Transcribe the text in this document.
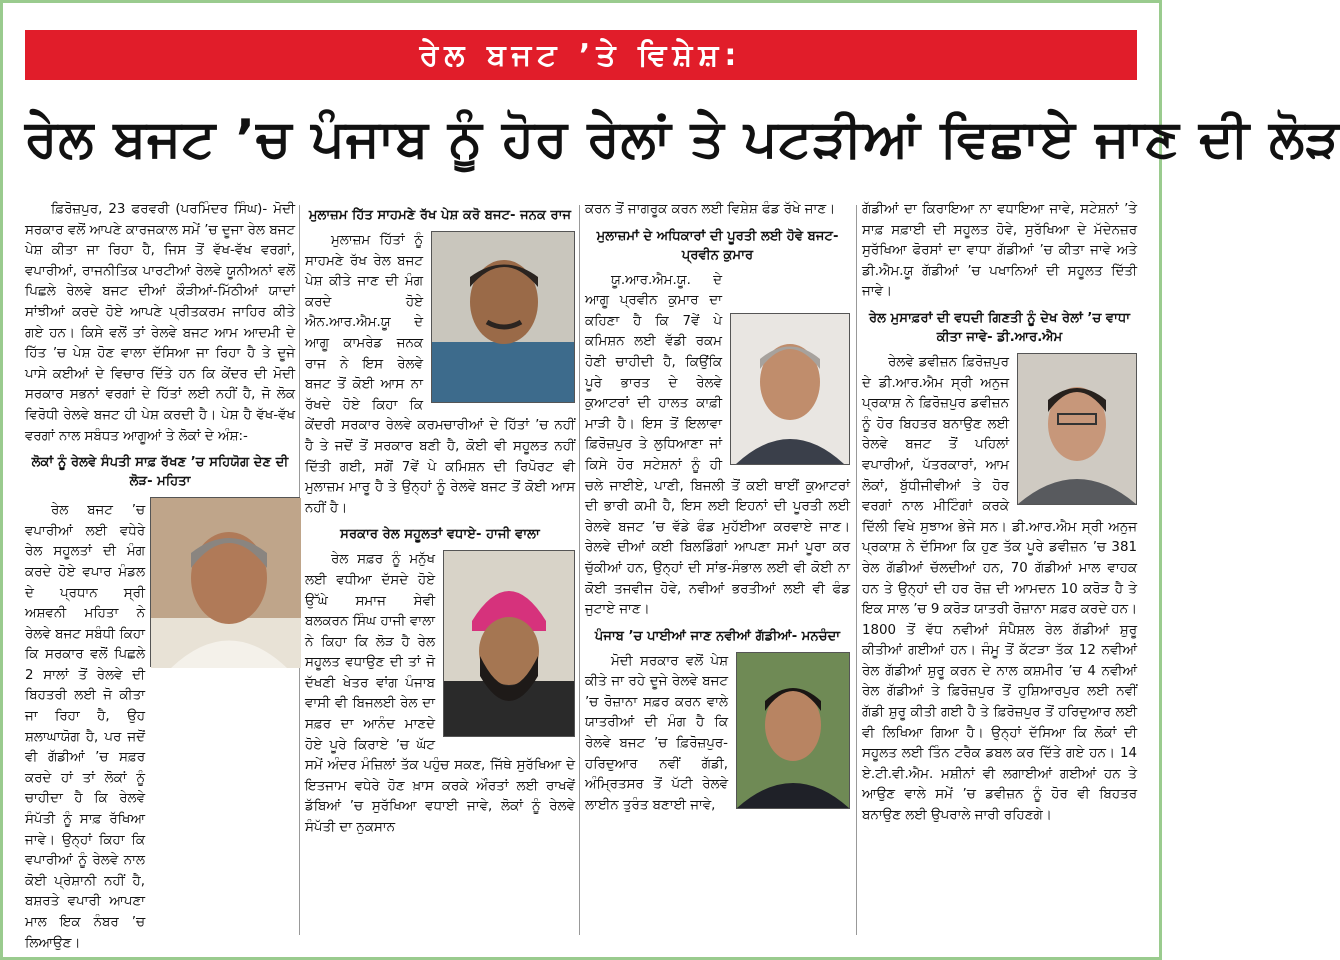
ਰੇਲ ਬਜਟ ’ਤੇ ਵਿਸ਼ੇਸ਼:
ਰੇਲ ਬਜਟ ’ਚ ਪੰਜਾਬ ਨੂੰ ਹੋਰ ਰੇਲਾਂ ਤੇ ਪਟੜੀਆਂ ਵਿਛਾਏ ਜਾਣ ਦੀ ਲੋੜ

ਫ਼ਿਰੋਜ਼ਪੁਰ, 23 ਫਰਵਰੀ (ਪਰਮਿੰਦਰ ਸਿੰਘ)- ਮੋਦੀ ਸਰਕਾਰ ਵਲੋਂ ਆਪਣੇ ਕਾਰਜਕਾਲ ਸਮੇਂ ’ਚ ਦੂਜਾ ਰੇਲ ਬਜਟ ਪੇਸ਼ ਕੀਤਾ ਜਾ ਰਿਹਾ ਹੈ, ਜਿਸ ਤੋਂ ਵੱਖ-ਵੱਖ ਵਰਗਾਂ, ਵਪਾਰੀਆਂ, ਰਾਜਨੀਤਿਕ ਪਾਰਟੀਆਂ ਰੇਲਵੇ ਯੂਨੀਅਨਾਂ ਵਲੋਂ ਪਿਛਲੇ ਰੇਲਵੇ ਬਜਟ ਦੀਆਂ ਕੌੜੀਆਂ-ਮਿੱਠੀਆਂ ਯਾਦਾਂ ਸਾਂਝੀਆਂ ਕਰਦੇ ਹੋਏ ਆਪਣੇ ਪ੍ਰੀਤਕਰਮ ਜਾਹਿਰ ਕੀਤੇ ਗਏ ਹਨ। ਕਿਸੇ ਵਲੋਂ ਤਾਂ ਰੇਲਵੇ ਬਜਟ ਆਮ ਆਦਮੀ ਦੇ ਹਿੱਤ ’ਚ ਪੇਸ਼ ਹੋਣ ਵਾਲਾ ਦੱਸਿਆ ਜਾ ਰਿਹਾ ਹੈ ਤੇ ਦੂਜੇ ਪਾਸੇ ਕਈਆਂ ਦੇ ਵਿਚਾਰ ਦਿੱਤੇ ਹਨ ਕਿ ਕੇਂਦਰ ਦੀ ਮੋਦੀ ਸਰਕਾਰ ਸਭਨਾਂ ਵਰਗਾਂ ਦੇ ਹਿੱਤਾਂ ਲਈ ਨਹੀਂ ਹੈ, ਜੋ ਲੋਕ ਵਿਰੋਧੀ ਰੇਲਵੇ ਬਜਟ ਹੀ ਪੇਸ਼ ਕਰਦੀ ਹੈ। ਪੇਸ਼ ਹੈ ਵੱਖ-ਵੱਖ ਵਰਗਾਂ ਨਾਲ ਸਬੰਧਤ ਆਗੂਆਂ ਤੇ ਲੋਕਾਂ ਦੇ ਅੰਸ਼:-

ਲੋਕਾਂ ਨੂੰ ਰੇਲਵੇ ਸੰਪਤੀ ਸਾਫ਼ ਰੱਖਣ ’ਚ ਸਹਿਯੋਗ ਦੇਣ ਦੀ ਲੋੜ- ਮਹਿਤਾ

ਰੇਲ ਬਜਟ ’ਚ ਵਪਾਰੀਆਂ ਲਈ ਵਧੇਰੇ ਰੇਲ ਸਹੂਲਤਾਂ ਦੀ ਮੰਗ ਕਰਦੇ ਹੋਏ ਵਪਾਰ ਮੰਡਲ ਦੇ ਪ੍ਰਧਾਨ ਸ੍ਰੀ ਅਸ਼ਵਨੀ ਮਹਿਤਾ ਨੇ ਰੇਲਵੇ ਬਜਟ ਸਬੰਧੀ ਕਿਹਾ ਕਿ ਸਰਕਾਰ ਵਲੋਂ ਪਿਛਲੇ 2 ਸਾਲਾਂ ਤੋਂ ਰੇਲਵੇ ਦੀ ਬਿਹਤਰੀ ਲਈ ਜੋ ਕੀਤਾ ਜਾ ਰਿਹਾ ਹੈ, ਉਹ ਸ਼ਲਾਘਾਯੋਗ ਹੈ, ਪਰ ਜਦੋਂ ਵੀ ਗੱਡੀਆਂ ’ਚ ਸਫ਼ਰ ਕਰਦੇ ਹਾਂ ਤਾਂ ਲੋਕਾਂ ਨੂੰ ਚਾਹੀਦਾ ਹੈ ਕਿ ਰੇਲਵੇ ਸੰਪੱਤੀ ਨੂੰ ਸਾਫ਼ ਰੱਖਿਆ ਜਾਵੇ। ਉਨ੍ਹਾਂ ਕਿਹਾ ਕਿ ਵਪਾਰੀਆਂ ਨੂੰ ਰੇਲਵੇ ਨਾਲ ਕੋਈ ਪ੍ਰੇਸ਼ਾਨੀ ਨਹੀਂ ਹੈ, ਬਸ਼ਰਤੇ ਵਪਾਰੀ ਆਪਣਾ ਮਾਲ ਇਕ ਨੰਬਰ ’ਚ ਲਿਆਉਣ।

ਮੁਲਾਜ਼ਮ ਹਿੱਤ ਸਾਹਮਣੇ ਰੱਖ ਪੇਸ਼ ਕਰੋ ਬਜਟ- ਜਨਕ ਰਾਜ

ਮੁਲਾਜ਼ਮ ਹਿੱਤਾਂ ਨੂੰ ਸਾਹਮਣੇ ਰੱਖ ਰੇਲ ਬਜਟ ਪੇਸ਼ ਕੀਤੇ ਜਾਣ ਦੀ ਮੰਗ ਕਰਦੇ ਹੋਏ ਐਨ.ਆਰ.ਐਮ.ਯੂ ਦੇ ਆਗੂ ਕਾਮਰੇਡ ਜਨਕ ਰਾਜ ਨੇ ਇਸ ਰੇਲਵੇ ਬਜਟ ਤੋਂ ਕੋਈ ਆਸ ਨਾ ਰੱਖਦੇ ਹੋਏ ਕਿਹਾ ਕਿ ਕੇਂਦਰੀ ਸਰਕਾਰ ਰੇਲਵੇ ਕਰਮਚਾਰੀਆਂ ਦੇ ਹਿੱਤਾਂ ’ਚ ਨਹੀਂ ਹੈ ਤੇ ਜਦੋਂ ਤੋਂ ਸਰਕਾਰ ਬਣੀ ਹੈ, ਕੋਈ ਵੀ ਸਹੂਲਤ ਨਹੀਂ ਦਿੱਤੀ ਗਈ, ਸਗੋਂ 7ਵੇਂ ਪੇ ਕਮਿਸ਼ਨ ਦੀ ਰਿਪੋਰਟ ਵੀ ਮੁਲਾਜ਼ਮ ਮਾਰੂ ਹੈ ਤੇ ਉਨ੍ਹਾਂ ਨੂੰ ਰੇਲਵੇ ਬਜਟ ਤੋਂ ਕੋਈ ਆਸ ਨਹੀਂ ਹੈ।

ਸਰਕਾਰ ਰੇਲ ਸਹੂਲਤਾਂ ਵਧਾਏ- ਹਾਜੀ ਵਾਲਾ

ਰੇਲ ਸਫ਼ਰ ਨੂੰ ਮਨੁੱਖ ਲਈ ਵਧੀਆ ਦੱਸਦੇ ਹੋਏ ਉੱਘੇ ਸਮਾਜ ਸੇਵੀ ਬਲਕਰਨ ਸਿੰਘ ਹਾਜੀ ਵਾਲਾ ਨੇ ਕਿਹਾ ਕਿ ਲੋੜ ਹੈ ਰੇਲ ਸਹੂਲਤ ਵਧਾਉਣ ਦੀ ਤਾਂ ਜੋ ਦੱਖਣੀ ਖੇਤਰ ਵਾਂਗ ਪੰਜਾਬ ਵਾਸੀ ਵੀ ਬਿਜਲਈ ਰੇਲ ਦਾ ਸਫ਼ਰ ਦਾ ਆਨੰਦ ਮਾਣਦੇ ਹੋਏ ਪੂਰੇ ਕਿਰਾਏ ’ਚ ਘੱਟ ਸਮੇਂ ਅੰਦਰ ਮੰਜ਼ਿਲਾਂ ਤੱਕ ਪਹੁੰਚ ਸਕਣ, ਜਿੱਥੇ ਸੁਰੱਖਿਆ ਦੇ ਇਤਜਾਮ ਵਧੇਰੇ ਹੋਣ ਖ਼ਾਸ ਕਰਕੇ ਔਰਤਾਂ ਲਈ ਰਾਖਵੇਂ ਡੱਬਿਆਂ ’ਚ ਸੁਰੱਖਿਆ ਵਧਾਈ ਜਾਵੇ, ਲੋਕਾਂ ਨੂੰ ਰੇਲਵੇ ਸੰਪੱਤੀ ਦਾ ਨੁਕਸਾਨ

ਕਰਨ ਤੋਂ ਜਾਗਰੂਕ ਕਰਨ ਲਈ ਵਿਸ਼ੇਸ਼ ਫੰਡ ਰੱਖੇ ਜਾਣ।

ਮੁਲਾਜ਼ਮਾਂ ਦੇ ਅਧਿਕਾਰਾਂ ਦੀ ਪੂਰਤੀ ਲਈ ਹੋਵੇ ਬਜਟ-ਪ੍ਰਵੀਨ ਕੁਮਾਰ

ਯੂ.ਆਰ.ਐਮ.ਯੂ. ਦੇ ਆਗੂ ਪ੍ਰਵੀਨ ਕੁਮਾਰ ਦਾ ਕਹਿਣਾ ਹੈ ਕਿ 7ਵੇਂ ਪੇ ਕਮਿਸ਼ਨ ਲਈ ਵੱਡੀ ਰਕਮ ਹੋਣੀ ਚਾਹੀਦੀ ਹੈ, ਕਿਉਂਕਿ ਪੂਰੇ ਭਾਰਤ ਦੇ ਰੇਲਵੇ ਕੁਆਟਰਾਂ ਦੀ ਹਾਲਤ ਕਾਫ਼ੀ ਮਾੜੀ ਹੈ। ਇਸ ਤੋਂ ਇਲਾਵਾ ਫ਼ਿਰੋਜ਼ਪੁਰ ਤੇ ਲੁਧਿਆਣਾ ਜਾਂ ਕਿਸੇ ਹੋਰ ਸਟੇਸ਼ਨਾਂ ਨੂੰ ਹੀ ਚਲੇ ਜਾਈਏ, ਪਾਣੀ, ਬਿਜਲੀ ਤੋਂ ਕਈ ਥਾਈਂ ਕੁਆਟਰਾਂ ਦੀ ਭਾਰੀ ਕਮੀ ਹੈ, ਇਸ ਲਈ ਇਹਨਾਂ ਦੀ ਪੂਰਤੀ ਲਈ ਰੇਲਵੇ ਬਜਟ ’ਚ ਵੱਡੇ ਫੰਡ ਮੁਹੱਈਆ ਕਰਵਾਏ ਜਾਣ। ਰੇਲਵੇ ਦੀਆਂ ਕਈ ਬਿਲਡਿੰਗਾਂ ਆਪਣਾ ਸਮਾਂ ਪੂਰਾ ਕਰ ਚੁੱਕੀਆਂ ਹਨ, ਉਨ੍ਹਾਂ ਦੀ ਸਾਂਭ-ਸੰਭਾਲ ਲਈ ਵੀ ਕੋਈ ਨਾ ਕੋਈ ਤਜਵੀਜ ਹੋਵੇ, ਨਵੀਆਂ ਭਰਤੀਆਂ ਲਈ ਵੀ ਫੰਡ ਜੁਟਾਏ ਜਾਣ।

ਪੰਜਾਬ ’ਚ ਪਾਈਆਂ ਜਾਣ ਨਵੀਆਂ ਗੱਡੀਆਂ- ਮਨਚੰਦਾ

ਮੋਦੀ ਸਰਕਾਰ ਵਲੋਂ ਪੇਸ਼ ਕੀਤੇ ਜਾ ਰਹੇ ਦੂਜੇ ਰੇਲਵੇ ਬਜਟ ’ਚ ਰੋਜ਼ਾਨਾ ਸਫ਼ਰ ਕਰਨ ਵਾਲੇ ਯਾਤਰੀਆਂ ਦੀ ਮੰਗ ਹੈ ਕਿ ਰੇਲਵੇ ਬਜਟ ’ਚ ਫ਼ਿਰੋਜ਼ਪੁਰ-ਹਰਿਦੁਆਰ ਨਵੀਂ ਗੱਡੀ, ਅੰਮ੍ਰਿਤਸਰ ਤੋਂ ਪੱਟੀ ਰੇਲਵੇ ਲਾਈਨ ਤੁਰੰਤ ਬਣਾਈ ਜਾਵੇ,

ਗੱਡੀਆਂ ਦਾ ਕਿਰਾਇਆ ਨਾ ਵਧਾਇਆ ਜਾਵੇ, ਸਟੇਸ਼ਨਾਂ ’ਤੇ ਸਾਫ਼ ਸਫ਼ਾਈ ਦੀ ਸਹੂਲਤ ਹੋਵੇ, ਸੁਰੱਖਿਆ ਦੇ ਮੱਦੇਨਜ਼ਰ ਸੁਰੱਖਿਆ ਫੋਰਸਾਂ ਦਾ ਵਾਧਾ ਗੱਡੀਆਂ ’ਚ ਕੀਤਾ ਜਾਵੇ ਅਤੇ ਡੀ.ਐਮ.ਯੂ ਗੱਡੀਆਂ ’ਚ ਪਖਾਨਿਆਂ ਦੀ ਸਹੂਲਤ ਦਿੱਤੀ ਜਾਵੇ।

ਰੇਲ ਮੁਸਾਫ਼ਰਾਂ ਦੀ ਵਧਦੀ ਗਿਣਤੀ ਨੂੰ ਦੇਖ ਰੇਲਾਂ ’ਚ ਵਾਧਾ ਕੀਤਾ ਜਾਵੇ- ਡੀ.ਆਰ.ਐਮ

ਰੇਲਵੇ ਡਵੀਜ਼ਨ ਫ਼ਿਰੋਜ਼ਪੁਰ ਦੇ ਡੀ.ਆਰ.ਐਮ ਸ੍ਰੀ ਅਨੁਜ ਪ੍ਰਕਾਸ਼ ਨੇ ਫ਼ਿਰੋਜ਼ਪੁਰ ਡਵੀਜ਼ਨ ਨੂੰ ਹੋਰ ਬਿਹਤਰ ਬਨਾਉਣ ਲਈ ਰੇਲਵੇ ਬਜਟ ਤੋਂ ਪਹਿਲਾਂ ਵਪਾਰੀਆਂ, ਪੱਤਰਕਾਰਾਂ, ਆਮ ਲੋਕਾਂ, ਬੁੱਧੀਜੀਵੀਆਂ ਤੇ ਹੋਰ ਵਰਗਾਂ ਨਾਲ ਮੀਟਿੰਗਾਂ ਕਰਕੇ ਦਿੱਲੀ ਵਿਖੇ ਸੁਝਾਅ ਭੇਜੇ ਸਨ। ਡੀ.ਆਰ.ਐਮ ਸ੍ਰੀ ਅਨੁਜ ਪ੍ਰਕਾਸ਼ ਨੇ ਦੱਸਿਆ ਕਿ ਹੁਣ ਤੱਕ ਪੂਰੇ ਡਵੀਜ਼ਨ ’ਚ 381 ਰੇਲ ਗੱਡੀਆਂ ਚੱਲਦੀਆਂ ਹਨ, 70 ਗੱਡੀਆਂ ਮਾਲ ਵਾਹਕ ਹਨ ਤੇ ਉਨ੍ਹਾਂ ਦੀ ਹਰ ਰੋਜ਼ ਦੀ ਆਮਦਨ 10 ਕਰੋੜ ਹੈ ਤੇ ਇਕ ਸਾਲ ’ਚ 9 ਕਰੋੜ ਯਾਤਰੀ ਰੋਜ਼ਾਨਾ ਸਫ਼ਰ ਕਰਦੇ ਹਨ। 1800 ਤੋਂ ਵੱਧ ਨਵੀਆਂ ਸੰਪੈਸ਼ਲ ਰੇਲ ਗੱਡੀਆਂ ਸ਼ੁਰੂ ਕੀਤੀਆਂ ਗਈਆਂ ਹਨ। ਜੰਮੂ ਤੋਂ ਕੱਟੜਾ ਤੱਕ 12 ਨਵੀਆਂ ਰੇਲ ਗੱਡੀਆਂ ਸ਼ੁਰੂ ਕਰਨ ਦੇ ਨਾਲ ਕਸ਼ਮੀਰ ’ਚ 4 ਨਵੀਆਂ ਰੇਲ ਗੱਡੀਆਂ ਤੇ ਫ਼ਿਰੋਜ਼ਪੁਰ ਤੋਂ ਹੁਸ਼ਿਆਰਪੁਰ ਲਈ ਨਵੀਂ ਗੱਡੀ ਸ਼ੁਰੂ ਕੀਤੀ ਗਈ ਹੈ ਤੇ ਫ਼ਿਰੋਜ਼ਪੁਰ ਤੋਂ ਹਰਿਦੁਆਰ ਲਈ ਵੀ ਲਿਖਿਆ ਗਿਆ ਹੈ। ਉਨ੍ਹਾਂ ਦੱਸਿਆ ਕਿ ਲੋਕਾਂ ਦੀ ਸਹੂਲਤ ਲਈ ਤਿੰਨ ਟਰੈਕ ਡਬਲ ਕਰ ਦਿੱਤੇ ਗਏ ਹਨ। 14 ਏ.ਟੀ.ਵੀ.ਐਮ. ਮਸ਼ੀਨਾਂ ਵੀ ਲਗਾਈਆਂ ਗਈਆਂ ਹਨ ਤੇ ਆਉਣ ਵਾਲੇ ਸਮੇਂ ’ਚ ਡਵੀਜ਼ਨ ਨੂੰ ਹੋਰ ਵੀ ਬਿਹਤਰ ਬਨਾਉਣ ਲਈ ਉਪਰਾਲੇ ਜਾਰੀ ਰਹਿਣਗੇ।
